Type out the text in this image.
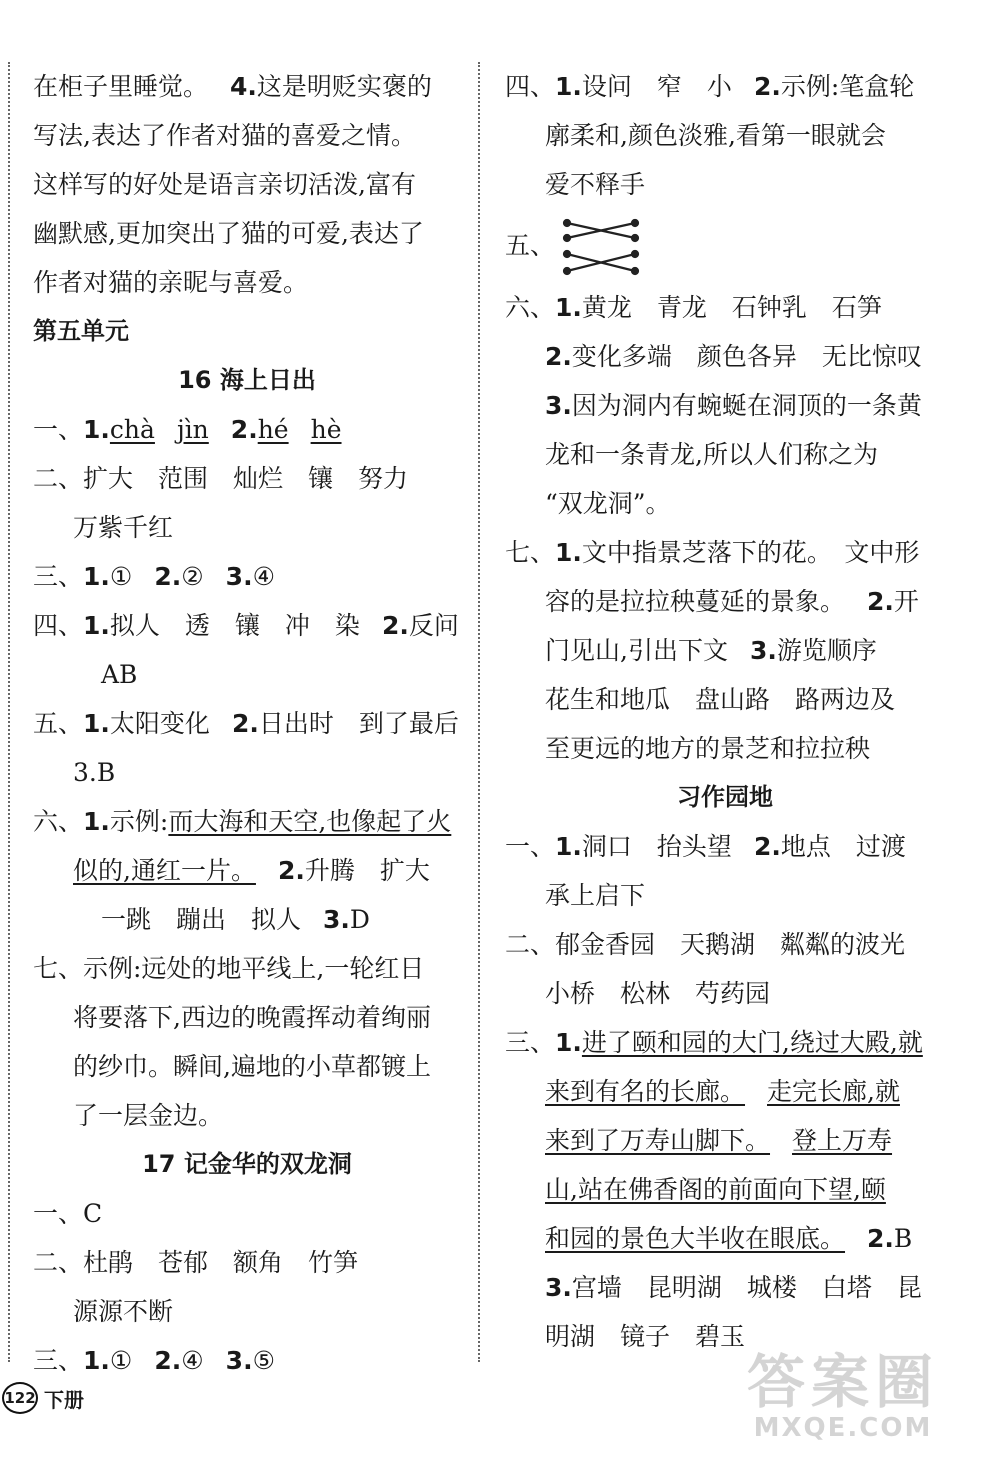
在柜子里睡觉。 4.这是明贬实褒的
写法,表达了作者对猫的喜爱之情。
这样写的好处是语言亲切活泼,富有
幽默感,更加突出了猫的可爱,表达了
作者对猫的亲昵与喜爱。
第五单元
16 海上日出
一、1.chà jìn 2.hé hè
二、扩大　范围　灿烂　镶　努力
万紫千红
三、1.① 2.② 3.④
四、1.拟人　透　镶　冲　染 2.反问
AB
五、1.太阳变化 2.日出时　到了最后
3.B
六、1.示例:而大海和天空,也像起了火
似的,通红一片。 2.升腾　扩大
一跳　蹦出　拟人 3.D
七、示例:远处的地平线上,一轮红日
将要落下,西边的晚霞挥动着绚丽
的纱巾。瞬间,遍地的小草都镀上
了一层金边。
17 记金华的双龙洞
一、C
二、杜鹃　苍郁　额角　竹笋
源源不断
三、1.① 2.④ 3.⑤
四、1.设问　窄　小 2.示例:笔盒轮
廓柔和,颜色淡雅,看第一眼就会
爱不释手
五、
六、1.黄龙　青龙　石钟乳　石笋
2.变化多端　颜色各异　无比惊叹
3.因为洞内有蜿蜒在洞顶的一条黄
龙和一条青龙,所以人们称之为
“双龙洞”。
七、1.文中指景芝落下的花。　文中形
容的是拉拉秧蔓延的景象。 2.开
门见山,引出下文 3.游览顺序
花生和地瓜　盘山路　路两边及
至更远的地方的景芝和拉拉秧
习作园地
一、1.洞口　抬头望 2.地点　过渡
承上启下
二、郁金香园　天鹅湖　粼粼的波光
小桥　松林　芍药园
三、1.进了颐和园的大门,绕过大殿,就
来到有名的长廊。 走完长廊,就
来到了万寿山脚下。 登上万寿
山,站在佛香阁的前面向下望,颐
和园的景色大半收在眼底。 2.B
3.宫墙　昆明湖　城楼　白塔　昆
明湖　镜子　碧玉
122 下册	答案圈
MXQE.COM
